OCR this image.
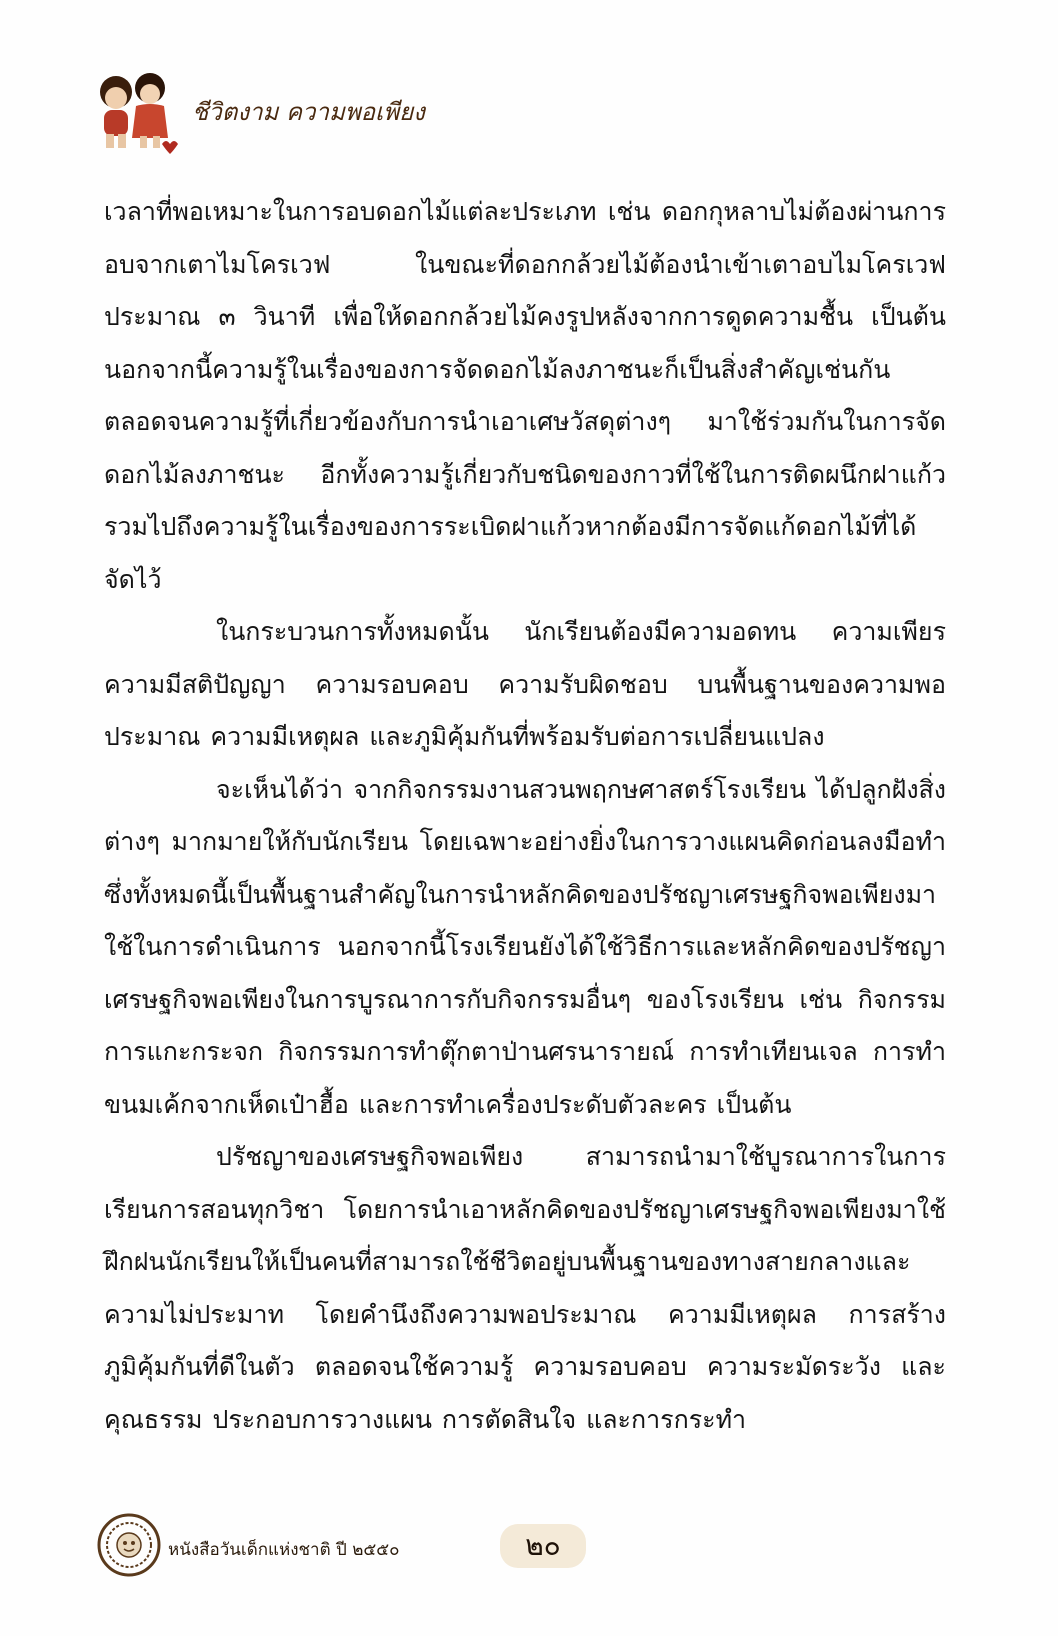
ชีวิตงาม ความพอเพียง

เวลาที่พอเหมาะในการอบดอกไม้แต่ละประเภท เช่น ดอกกุหลาบไม่ต้องผ่านการอบจากเตาไมโครเวฟ ในขณะที่ดอกกล้วยไม้ต้องนำเข้าเตาอบไมโครเวฟประมาณ ๓ วินาที เพื่อให้ดอกกล้วยไม้คงรูปหลังจากการดูดความชื้น เป็นต้น นอกจากนี้ความรู้ในเรื่องของการจัดดอกไม้ลงภาชนะก็เป็นสิ่งสำคัญเช่นกัน ตลอดจนความรู้ที่เกี่ยวข้องกับการนำเอาเศษวัสดุต่างๆ มาใช้ร่วมกันในการจัดดอกไม้ลงภาชนะ อีกทั้งความรู้เกี่ยวกับชนิดของกาวที่ใช้ในการติดผนึกฝาแก้ว รวมไปถึงความรู้ในเรื่องของการระเบิดฝาแก้วหากต้องมีการจัดแก้ดอกไม้ที่ได้จัดไว้

ในกระบวนการทั้งหมดนั้น นักเรียนต้องมีความอดทน ความเพียร ความมีสติปัญญา ความรอบคอบ ความรับผิดชอบ บนพื้นฐานของความพอประมาณ ความมีเหตุผล และภูมิคุ้มกันที่พร้อมรับต่อการเปลี่ยนแปลง

จะเห็นได้ว่า จากกิจกรรมงานสวนพฤกษศาสตร์โรงเรียน ได้ปลูกฝังสิ่งต่างๆ มากมายให้กับนักเรียน โดยเฉพาะอย่างยิ่งในการวางแผนคิดก่อนลงมือทำ ซึ่งทั้งหมดนี้เป็นพื้นฐานสำคัญในการนำหลักคิดของปรัชญาเศรษฐกิจพอเพียงมาใช้ในการดำเนินการ นอกจากนี้โรงเรียนยังได้ใช้วิธีการและหลักคิดของปรัชญาเศรษฐกิจพอเพียงในการบูรณาการกับกิจกรรมอื่นๆ ของโรงเรียน เช่น กิจกรรมการแกะกระจก กิจกรรมการทำตุ๊กตาป่านศรนารายณ์ การทำเทียนเจล การทำขนมเค้กจากเห็ดเป๋าฮื้อ และการทำเครื่องประดับตัวละคร เป็นต้น

ปรัชญาของเศรษฐกิจพอเพียง สามารถนำมาใช้บูรณาการในการเรียนการสอนทุกวิชา โดยการนำเอาหลักคิดของปรัชญาเศรษฐกิจพอเพียงมาใช้ฝึกฝนนักเรียนให้เป็นคนที่สามารถใช้ชีวิตอยู่บนพื้นฐานของทางสายกลางและความไม่ประมาท โดยคำนึงถึงความพอประมาณ ความมีเหตุผล การสร้างภูมิคุ้มกันที่ดีในตัว ตลอดจนใช้ความรู้ ความรอบคอบ ความระมัดระวัง และคุณธรรม ประกอบการวางแผน การตัดสินใจ และการกระทำ

หนังสือวันเด็กแห่งชาติ ปี ๒๕๕๐	๒๐
